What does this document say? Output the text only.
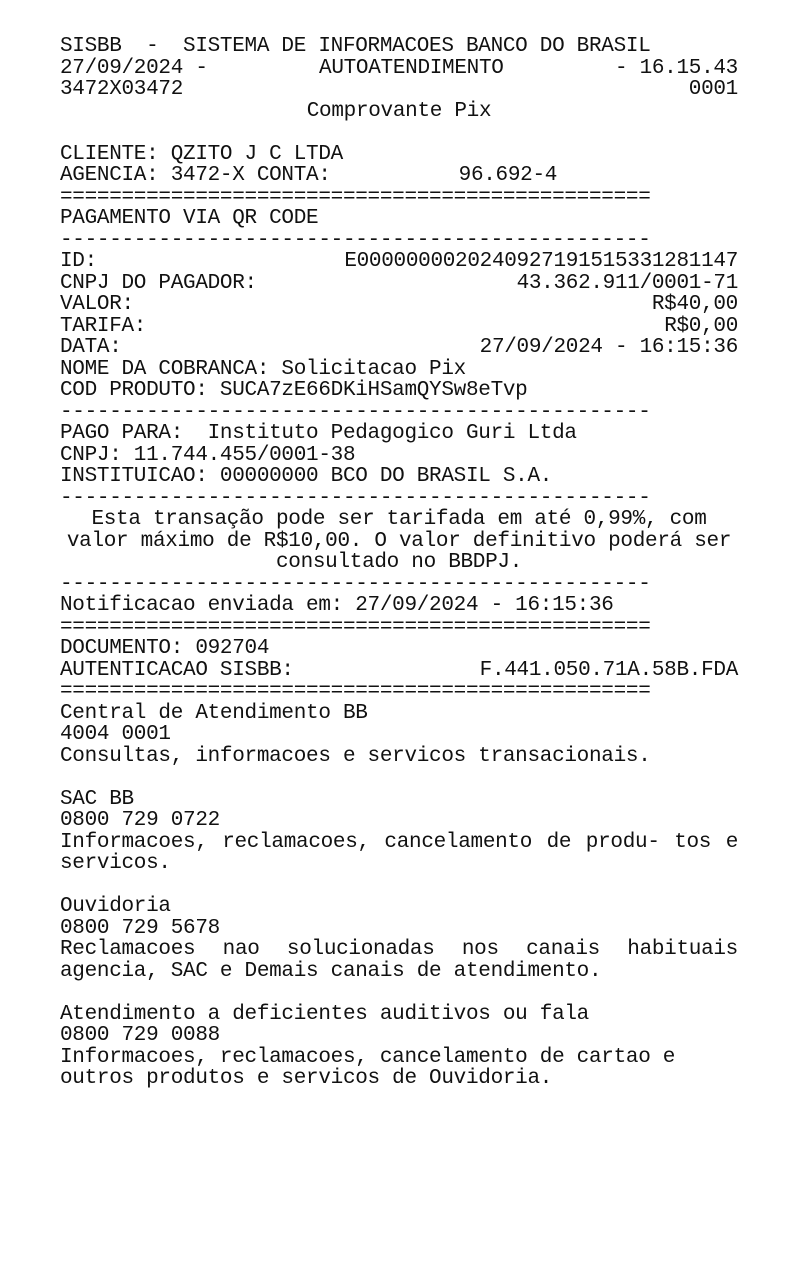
SISBB  -  SISTEMA DE INFORMACOES BANCO DO BRASIL
27/09/2024 -	AUTOATENDIMENTO	- 16.15.43
3472X03472	0001
Comprovante Pix
CLIENTE: QZITO J C LTDA
AGENCIA: 3472-X CONTA:	96.692-4
================================================
PAGAMENTO VIA QR CODE
------------------------------------------------
ID:	E0000000020240927191515331281147
CNPJ DO PAGADOR:	43.362.911/0001-71
VALOR:	R$40,00
TARIFA:	R$0,00
DATA:	27/09/2024 - 16:15:36
NOME DA COBRANCA: Solicitacao Pix
COD PRODUTO: SUCA7zE66DKiHSamQYSw8eTvp
------------------------------------------------
PAGO PARA:  Instituto Pedagogico Guri Ltda
CNPJ: 11.744.455/0001-38
INSTITUICAO: 00000000 BCO DO BRASIL S.A.
------------------------------------------------
Esta transação pode ser tarifada em até 0,99%, com valor máximo de R$10,00. O valor definitivo poderá ser consultado no BBDPJ.
------------------------------------------------
Notificacao enviada em: 27/09/2024 - 16:15:36
================================================
DOCUMENTO: 092704
AUTENTICACAO SISBB:	F.441.050.71A.58B.FDA
================================================
Central de Atendimento BB
4004 0001
Consultas, informacoes e servicos transacionais.
SAC BB
0800 729 0722
Informacoes, reclamacoes, cancelamento de produ- tos e servicos.
Ouvidoria
0800 729 5678
Reclamacoes nao solucionadas nos canais habituais agencia, SAC e Demais canais de atendimento.
Atendimento a deficientes auditivos ou fala
0800 729 0088
Informacoes, reclamacoes, cancelamento de cartao e outros produtos e servicos de Ouvidoria.
